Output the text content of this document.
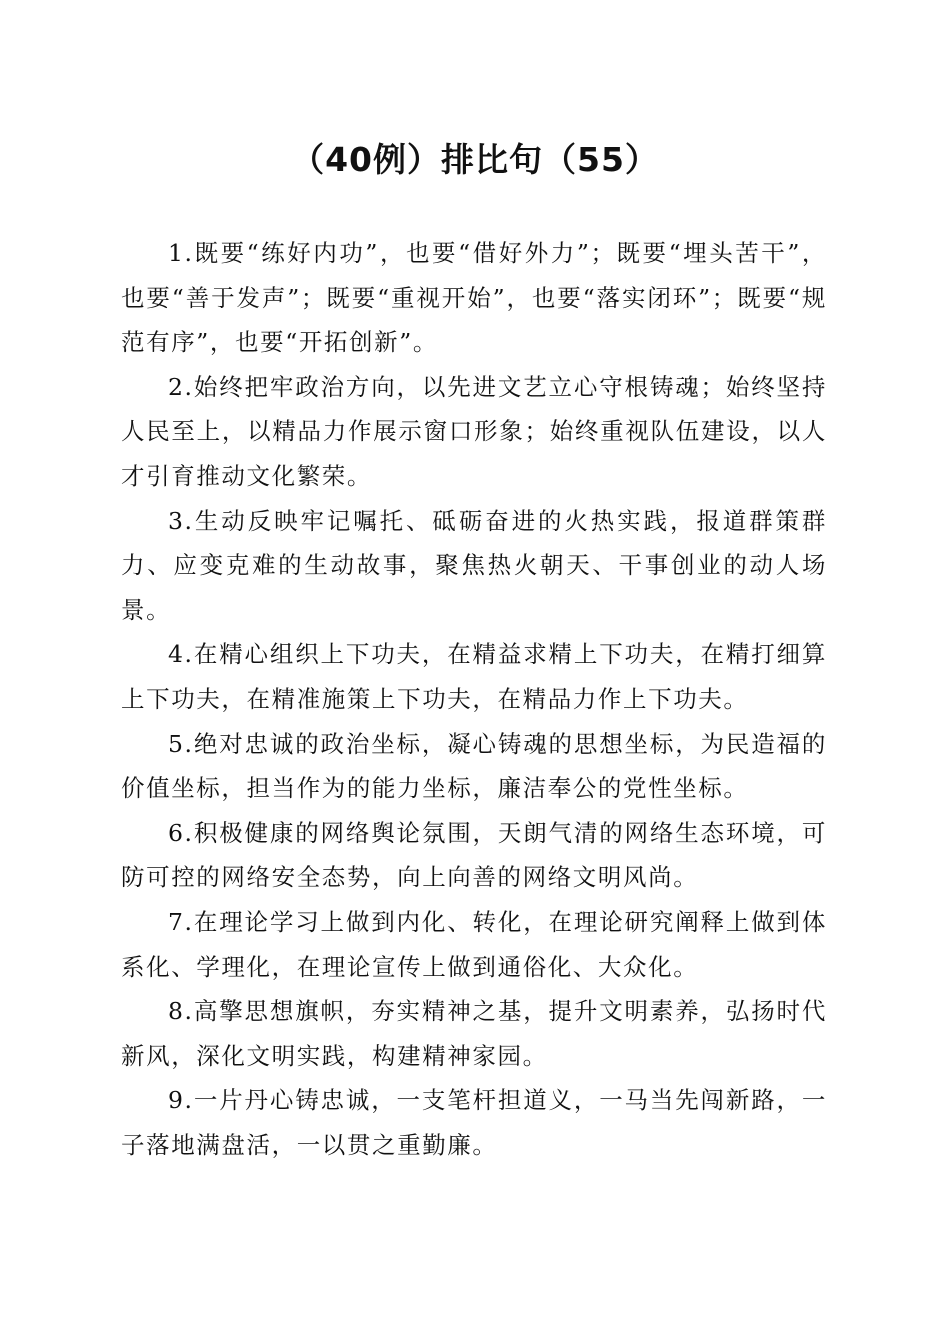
（40例）排比句（55）

1.既要“练好内功”，也要“借好外力”；既要“埋头苦干”，也要“善于发声”；既要“重视开始”，也要“落实闭环”；既要“规范有序”，也要“开拓创新”。

2.始终把牢政治方向，以先进文艺立心守根铸魂；始终坚持人民至上，以精品力作展示窗口形象；始终重视队伍建设，以人才引育推动文化繁荣。

3.生动反映牢记嘱托、砥砺奋进的火热实践，报道群策群力、应变克难的生动故事，聚焦热火朝天、干事创业的动人场景。

4.在精心组织上下功夫，在精益求精上下功夫，在精打细算上下功夫，在精准施策上下功夫，在精品力作上下功夫。

5.绝对忠诚的政治坐标，凝心铸魂的思想坐标，为民造福的价值坐标，担当作为的能力坐标，廉洁奉公的党性坐标。

6.积极健康的网络舆论氛围，天朗气清的网络生态环境，可防可控的网络安全态势，向上向善的网络文明风尚。

7.在理论学习上做到内化、转化，在理论研究阐释上做到体系化、学理化，在理论宣传上做到通俗化、大众化。

8.高擎思想旗帜，夯实精神之基，提升文明素养，弘扬时代新风，深化文明实践，构建精神家园。

9.一片丹心铸忠诚，一支笔杆担道义，一马当先闯新路，一子落地满盘活，一以贯之重勤廉。
